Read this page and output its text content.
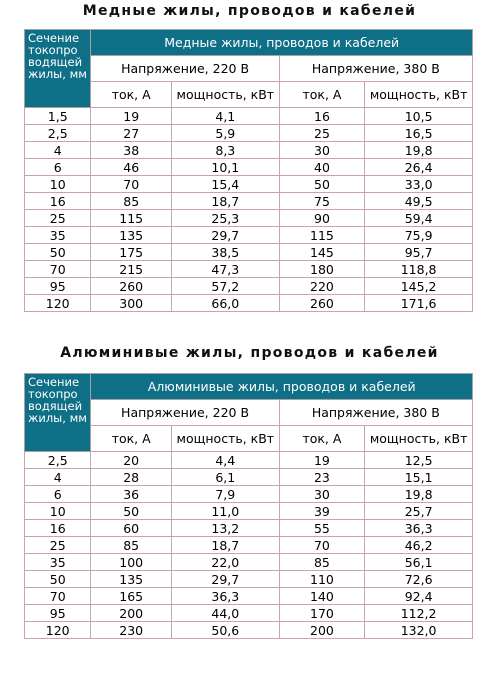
Медные жилы, проводов и кабелей
Сечение токопро водящей жилы, мм	Медные жилы, проводов и кабелей			
	Напряжение, 220 В		Напряжение, 380 В	
	ток, А	мощность, кВт	ток, А	мощность, кВт
1,5	19	4,1	16	10,5
2,5	27	5,9	25	16,5
4	38	8,3	30	19,8
6	46	10,1	40	26,4
10	70	15,4	50	33,0
16	85	18,7	75	49,5
25	115	25,3	90	59,4
35	135	29,7	115	75,9
50	175	38,5	145	95,7
70	215	47,3	180	118,8
95	260	57,2	220	145,2
120	300	66,0	260	171,6
Алюминивые жилы, проводов и кабелей
Сечение токопро водящей жилы, мм	Алюминивые жилы, проводов и кабелей			
	Напряжение, 220 В		Напряжение, 380 В	
	ток, А	мощность, кВт	ток, А	мощность, кВт
2,5	20	4,4	19	12,5
4	28	6,1	23	15,1
6	36	7,9	30	19,8
10	50	11,0	39	25,7
16	60	13,2	55	36,3
25	85	18,7	70	46,2
35	100	22,0	85	56,1
50	135	29,7	110	72,6
70	165	36,3	140	92,4
95	200	44,0	170	112,2
120	230	50,6	200	132,0
